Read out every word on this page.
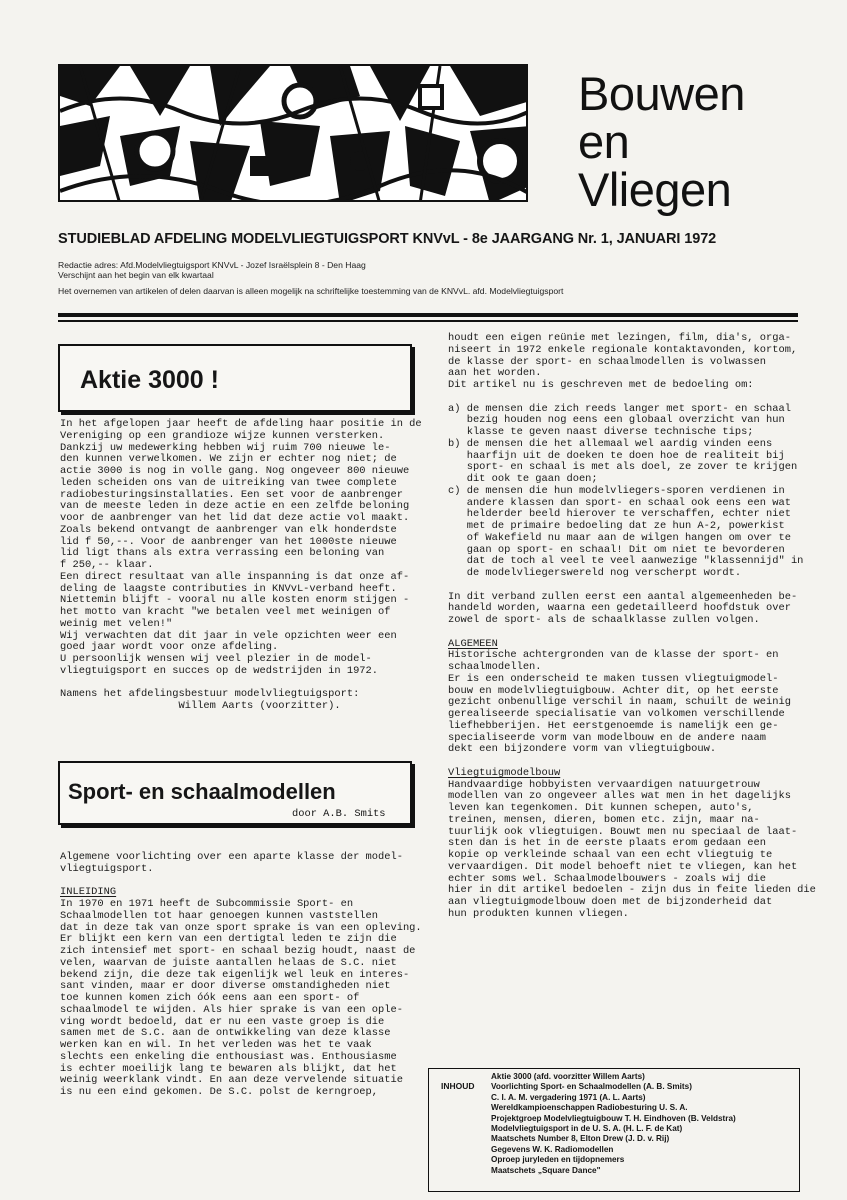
Bouwen
en
Vliegen
STUDIEBLAD AFDELING MODELVLIEGTUIGSPORT KNVvL - 8e JAARGANG Nr. 1, JANUARI 1972
Redactie adres: Afd.Modelvliegtuigsport KNVvL - Jozef Israëlsplein 8 - Den Haag
Verschijnt aan het begin van elk kwartaal
Het overnemen van artikelen of delen daarvan is alleen mogelijk na schriftelijke toestemming van de KNVvL. afd. Modelvliegtuigsport
Aktie 3000 !
In het afgelopen jaar heeft de afdeling haar positie in de
Vereniging op een grandioze wijze kunnen versterken.
Dankzij uw medewerking hebben wij ruim 700 nieuwe le-
den kunnen verwelkomen. We zijn er echter nog niet; de
actie 3000 is nog in volle gang. Nog ongeveer 800 nieuwe
leden scheiden ons van de uitreiking van twee complete
radiobesturingsinstallaties. Een set voor de aanbrenger
van de meeste leden in deze actie en een zelfde beloning
voor de aanbrenger van het lid dat deze actie vol maakt.
Zoals bekend ontvangt de aanbrenger van elk honderdste
lid f 50,--. Voor de aanbrenger van het 1000ste nieuwe
lid ligt thans als extra verrassing een beloning van
f 250,-- klaar.
Een direct resultaat van alle inspanning is dat onze af-
deling de laagste contributies in KNVvL-verband heeft.
Niettemin blijft - vooral nu alle kosten enorm stijgen -
het motto van kracht "we betalen veel met weinigen of
weinig met velen!"
Wij verwachten dat dit jaar in vele opzichten weer een
goed jaar wordt voor onze afdeling.
U persoonlijk wensen wij veel plezier in de model-
vliegtuigsport en succes op de wedstrijden in 1972.
Namens het afdelingsbestuur modelvliegtuigsport:
Willem Aarts (voorzitter).
Sport- en schaalmodellen
door A.B. Smits
Algemene voorlichting over een aparte klasse der model-
vliegtuigsport.
INLEIDING
In 1970 en 1971 heeft de Subcommissie Sport- en
Schaalmodellen tot haar genoegen kunnen vaststellen
dat in deze tak van onze sport sprake is van een opleving.
Er blijkt een kern van een dertigtal leden te zijn die
zich intensief met sport- en schaal bezig houdt, naast de
velen, waarvan de juiste aantallen helaas de S.C. niet
bekend zijn, die deze tak eigenlijk wel leuk en interes-
sant vinden, maar er door diverse omstandigheden niet
toe kunnen komen zich óók eens aan een sport- of
schaalmodel te wijden. Als hier sprake is van een ople-
ving wordt bedoeld, dat er nu een vaste groep is die
samen met de S.C. aan de ontwikkeling van deze klasse
werken kan en wil. In het verleden was het te vaak
slechts een enkeling die enthousiast was. Enthousiasme
is echter moeilijk lang te bewaren als blijkt, dat het
weinig weerklank vindt. En aan deze vervelende situatie
is nu een eind gekomen. De S.C. polst de kerngroep,
houdt een eigen reünie met lezingen, film, dia's, orga-
niseert in 1972 enkele regionale kontaktavonden, kortom,
de klasse der sport- en schaalmodellen is volwassen
aan het worden.
Dit artikel nu is geschreven met de bedoeling om:
a) de mensen die zich reeds langer met sport- en schaal
bezig houden nog eens een globaal overzicht van hun
klasse te geven naast diverse technische tips;
b) de mensen die het allemaal wel aardig vinden eens
haarfijn uit de doeken te doen hoe de realiteit bij
sport- en schaal is met als doel, ze zover te krijgen
dit ook te gaan doen;
c) de mensen die hun modelvliegers-sporen verdienen in
andere klassen dan sport- en schaal ook eens een wat
helderder beeld hierover te verschaffen, echter niet
met de primaire bedoeling dat ze hun A-2, powerkist
of Wakefield nu maar aan de wilgen hangen om over te
gaan op sport- en schaal! Dit om niet te bevorderen
dat de toch al veel te veel aanwezige "klassennijd" in
de modelvliegerswereld nog verscherpt wordt.
In dit verband zullen eerst een aantal algemeenheden be-
handeld worden, waarna een gedetailleerd hoofdstuk over
zowel de sport- als de schaalklasse zullen volgen.
ALGEMEEN
Historische achtergronden van de klasse der sport- en
schaalmodellen.
Er is een onderscheid te maken tussen vliegtuigmodel-
bouw en modelvliegtuigbouw. Achter dit, op het eerste
gezicht onbenullige verschil in naam, schuilt de weinig
gerealiseerde specialisatie van volkomen verschillende
liefhebberijen. Het eerstgenoemde is namelijk een ge-
specialiseerde vorm van modelbouw en de andere naam
dekt een bijzondere vorm van vliegtuigbouw.
Vliegtuigmodelbouw
Handvaardige hobbyisten vervaardigen natuurgetrouw
modellen van zo ongeveer alles wat men in het dagelijks
leven kan tegenkomen. Dit kunnen schepen, auto's,
treinen, mensen, dieren, bomen etc. zijn, maar na-
tuurlijk ook vliegtuigen. Bouwt men nu speciaal de laat-
sten dan is het in de eerste plaats erom gedaan een
kopie op verkleinde schaal van een echt vliegtuig te
vervaardigen. Dit model behoeft niet te vliegen, kan het
echter soms wel. Schaalmodelbouwers - zoals wij die
hier in dit artikel bedoelen - zijn dus in feite lieden die
aan vliegtuigmodelbouw doen met de bijzonderheid dat
hun produkten kunnen vliegen.
INHOUD
Aktie 3000 (afd. voorzitter Willem Aarts)
Voorlichting Sport- en Schaalmodellen (A. B. Smits)
C. I. A. M. vergadering 1971 (A. L. Aarts)
Wereldkampioenschappen Radiobesturing U. S. A.
Projektgroep Modelvliegtuigbouw T. H. Eindhoven (B. Veldstra)
Modelvliegtuigsport in de U. S. A. (H. L. F. de Kat)
Maatschets Number 8, Elton Drew (J. D. v. Rij)
Gegevens W. K. Radiomodellen
Oproep juryleden en tijdopnemers
Maatschets „Square Dance"
